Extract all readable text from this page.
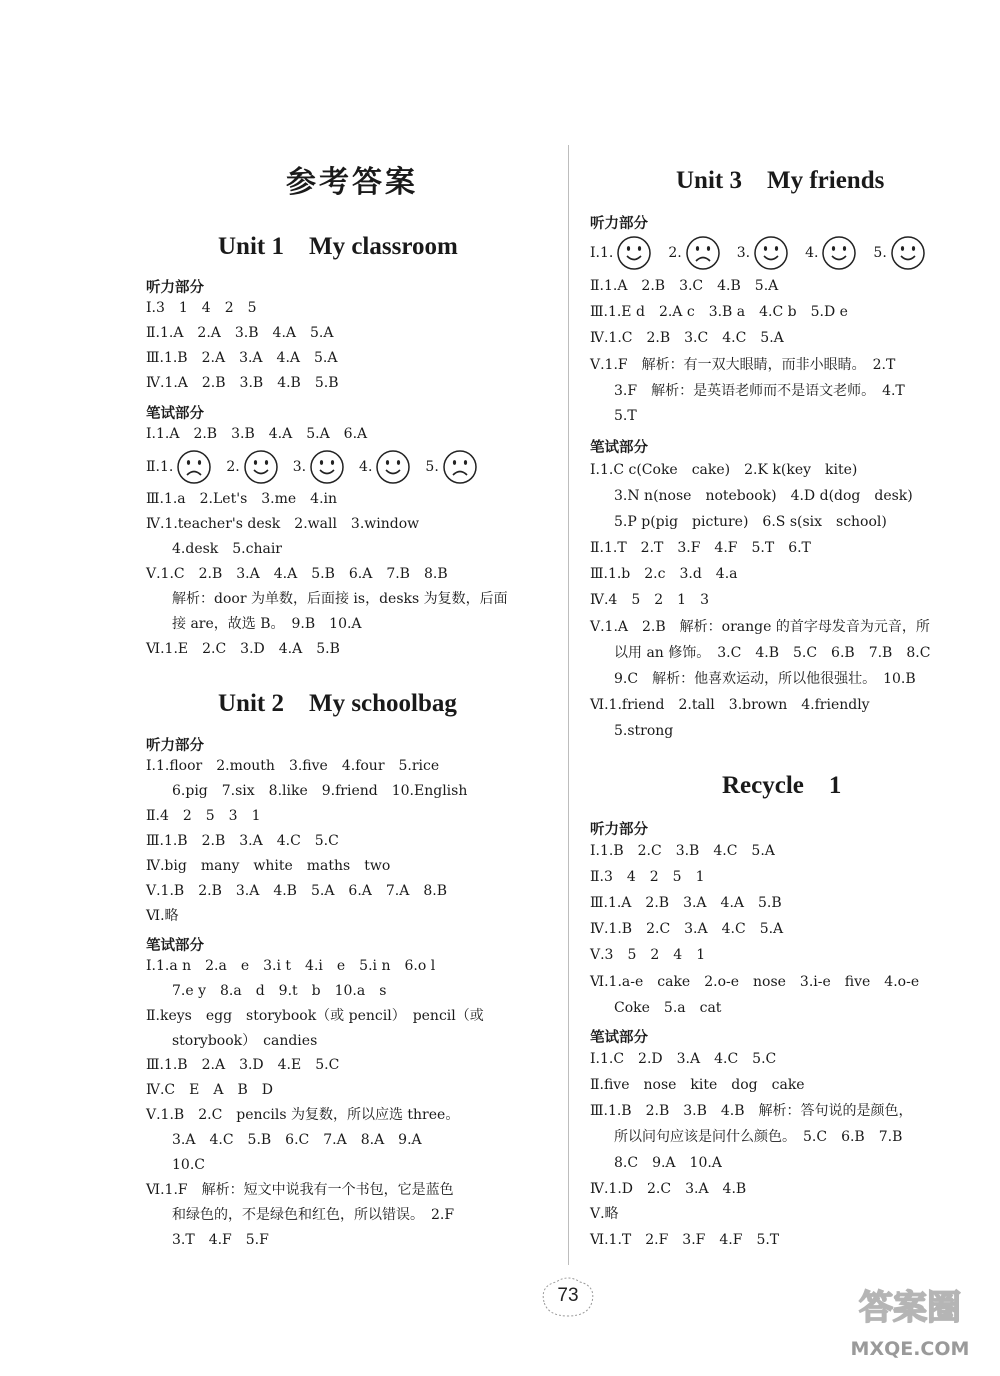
参考答案
Unit 1　My classroom
听力部分
Ⅰ.3　1　4　2　5
Ⅱ.1.A　2.A　3.B　4.A　5.A
Ⅲ.1.B　2.A　3.A　4.A　5.A
Ⅳ.1.A　2.B　3.B　4.B　5.B
笔试部分
Ⅰ.1.A　2.B　3.B　4.A　5.A　6.A
Ⅱ.1.	2.	3.	4.	5.
Ⅲ.1.a　2.Let's　3.me　4.in
Ⅳ.1.teacher's desk　2.wall　3.window
4.desk　5.chair
Ⅴ.1.C　2.B　3.A　4.A　5.B　6.A　7.B　8.B
解析：door 为单数，后面接 is，desks 为复数，后面
接 are，故选 B。　9.B　10.A
Ⅵ.1.E　2.C　3.D　4.A　5.B
Unit 2　My schoolbag
听力部分
Ⅰ.1.floor　2.mouth　3.five　4.four　5.rice
6.pig　7.six　8.like　9.friend　10.English
Ⅱ.4　2　5　3　1
Ⅲ.1.B　2.B　3.A　4.C　5.C
Ⅳ.big　many　white　maths　two
Ⅴ.1.B　2.B　3.A　4.B　5.A　6.A　7.A　8.B
Ⅵ.略
笔试部分
Ⅰ.1.a n　2.a　e　3.i t　4.i　e　5.i n　6.o l
7.e y　8.a　d　9.t　b　10.a　s
Ⅱ.keys　egg　storybook（或 pencil）　pencil（或
storybook）　candies
Ⅲ.1.B　2.A　3.D　4.E　5.C
Ⅳ.C　E　A　B　D
Ⅴ.1.B　2.C　pencils 为复数，所以应选 three。
3.A　4.C　5.B　6.C　7.A　8.A　9.A
10.C
Ⅵ.1.F　解析：短文中说我有一个书包，它是蓝色
和绿色的，不是绿色和红色，所以错误。　2.F
3.T　4.F　5.F
Unit 3　My friends
听力部分
Ⅰ.1.	2.	3.	4.	5.
Ⅱ.1.A　2.B　3.C　4.B　5.A
Ⅲ.1.E d　2.A c　3.B a　4.C b　5.D e
Ⅳ.1.C　2.B　3.C　4.C　5.A
Ⅴ.1.F　解析：有一双大眼睛，而非小眼睛。　2.T
3.F　解析：是英语老师而不是语文老师。　4.T
5.T
笔试部分
Ⅰ.1.C c(Coke　cake)　2.K k(key　kite)
3.N n(nose　notebook)　4.D d(dog　desk)
5.P p(pig　picture)　6.S s(six　school)
Ⅱ.1.T　2.T　3.F　4.F　5.T　6.T
Ⅲ.1.b　2.c　3.d　4.a
Ⅳ.4　5　2　1　3
Ⅴ.1.A　2.B　解析：orange 的首字母发音为元音，所
以用 an 修饰。　3.C　4.B　5.C　6.B　7.B　8.C
9.C　解析：他喜欢运动，所以他很强壮。　10.B
Ⅵ.1.friend　2.tall　3.brown　4.friendly
5.strong
Recycle　1
听力部分
Ⅰ.1.B　2.C　3.B　4.C　5.A
Ⅱ.3　4　2　5　1
Ⅲ.1.A　2.B　3.A　4.A　5.B
Ⅳ.1.B　2.C　3.A　4.C　5.A
Ⅴ.3　5　2　4　1
Ⅵ.1.a-e　cake　2.o-e　nose　3.i-e　five　4.o-e
Coke　5.a　cat
笔试部分
Ⅰ.1.C　2.D　3.A　4.C　5.C
Ⅱ.five　nose　kite　dog　cake
Ⅲ.1.B　2.B　3.B　4.B　解析：答句说的是颜色，
所以问句应该是问什么颜色。　5.C　6.B　7.B
8.C　9.A　10.A
Ⅳ.1.D　2.C　3.A　4.B
Ⅴ.略
Ⅵ.1.T　2.F　3.F　4.F　5.T
73	答案圈
MXQE.COM
